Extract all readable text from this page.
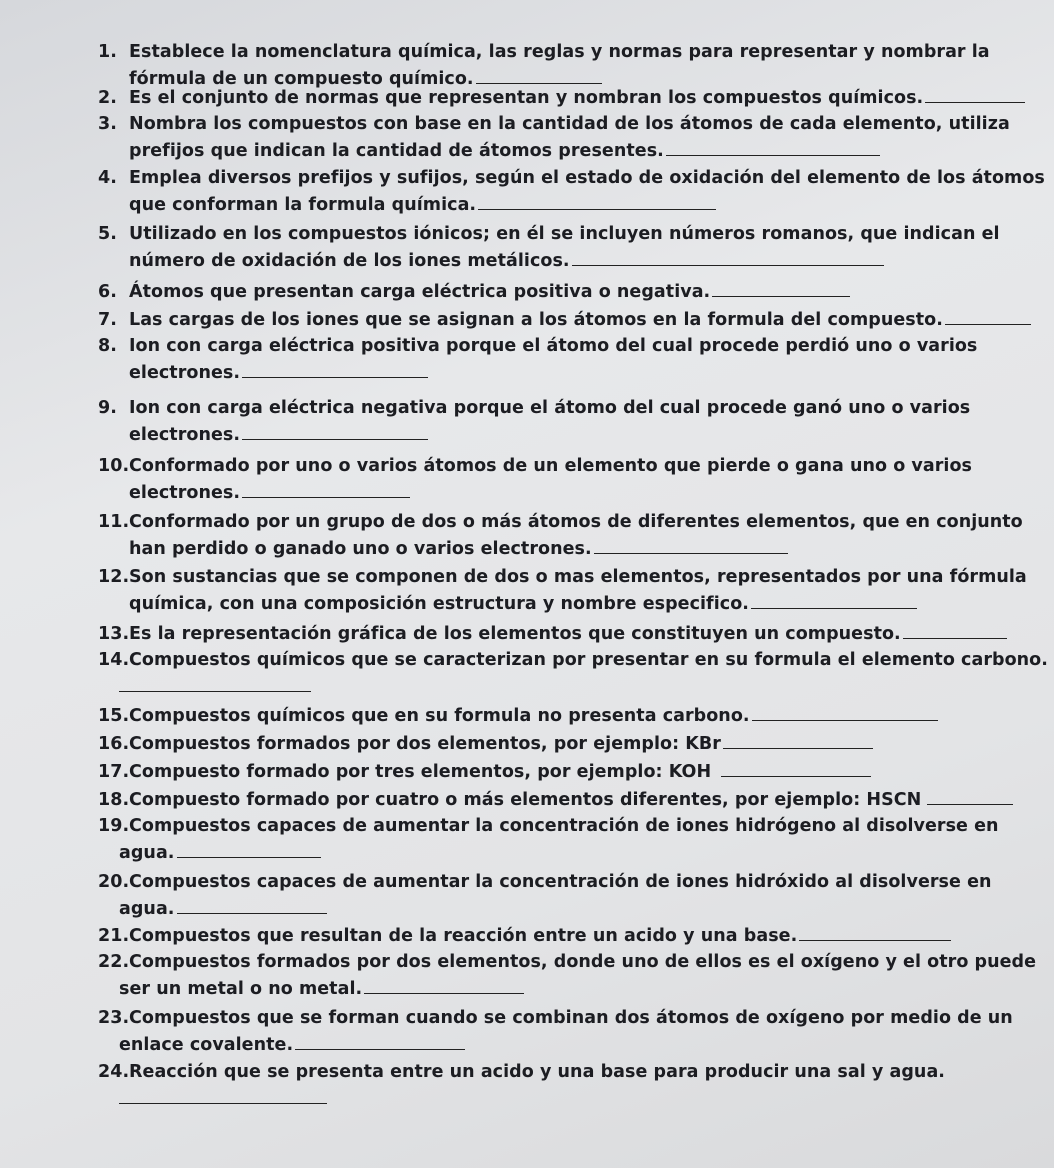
1. Establece la nomenclatura química, las reglas y normas para representar y nombrar la
fórmula de un compuesto químico.
2. Es el conjunto de normas que representan y nombran los compuestos químicos.
3. Nombra los compuestos con base en la cantidad de los átomos de cada elemento, utiliza
prefijos que indican la cantidad de átomos presentes.
4. Emplea diversos prefijos y sufijos, según el estado de oxidación del elemento de los átomos
que conforman la formula química.
5. Utilizado en los compuestos iónicos; en él se incluyen números romanos, que indican el
número de oxidación de los iones metálicos.
6. Átomos que presentan carga eléctrica positiva o negativa.
7. Las cargas de los iones que se asignan a los átomos en la formula del compuesto.
8. Ion con carga eléctrica positiva porque el átomo del cual procede perdió uno o varios
electrones.
9. Ion con carga eléctrica negativa porque el átomo del cual procede ganó uno o varios
electrones.
10.Conformado por uno o varios átomos de un elemento que pierde o gana uno o varios
electrones.
11.Conformado por un grupo de dos o más átomos de diferentes elementos, que en conjunto
han perdido o ganado uno o varios electrones.
12.Son sustancias que se componen de dos o mas elementos, representados por una fórmula
química, con una composición estructura y nombre especifico.
13.Es la representación gráfica de los elementos que constituyen un compuesto.
14.Compuestos químicos que se caracterizan por presentar en su formula el elemento carbono.
15.Compuestos químicos que en su formula no presenta carbono.
16.Compuestos formados por dos elementos, por ejemplo: KBr
17.Compuesto formado por tres elementos, por ejemplo: KOH
18.Compuesto formado por cuatro o más elementos diferentes, por ejemplo: HSCN
19.Compuestos capaces de aumentar la concentración de iones hidrógeno al disolverse en
agua.
20.Compuestos capaces de aumentar la concentración de iones hidróxido al disolverse en
agua.
21.Compuestos que resultan de la reacción entre un acido y una base.
22.Compuestos formados por dos elementos, donde uno de ellos es el oxígeno y el otro puede
ser un metal o no metal.
23.Compuestos que se forman cuando se combinan dos átomos de oxígeno por medio de un
enlace covalente.
24.Reacción que se presenta entre un acido y una base para producir una sal y agua.
